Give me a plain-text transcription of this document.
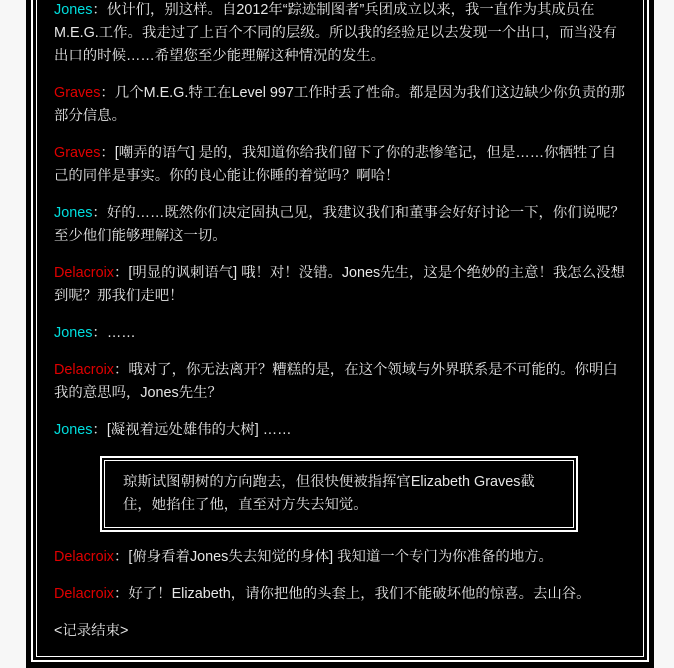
Jones：伙计们，别这样。自2012年“踪迹制图者”兵团成立以来，我一直作为其成员在M.E.G.工作。我走过了上百个不同的层级。所以我的经验足以去发现一个出口，而当没有出口的时候……希望您至少能理解这种情况的发生。

Graves：几个M.E.G.特工在Level 997工作时丢了性命。都是因为我们这边缺少你负责的那部分信息。

Graves：[嘲弄的语气] 是的，我知道你给我们留下了你的悲惨笔记，但是……你牺牲了自己的同伴是事实。你的良心能让你睡的着觉吗？啊哈！

Jones：好的……既然你们决定固执己见，我建议我们和董事会好好讨论一下，你们说呢？至少他们能够理解这一切。

Delacroix：[明显的讽刺语气] 哦！对！没错。Jones先生，这是个绝妙的主意！我怎么没想到呢？那我们走吧！

Jones：……

Delacroix：哦对了，你无法离开？糟糕的是，在这个领域与外界联系是不可能的。你明白我的意思吗，Jones先生？

Jones：[凝视着远处雄伟的大树] ……

琼斯试图朝树的方向跑去，但很快便被指挥官Elizabeth Graves截住，她掐住了他，直至对方失去知觉。

Delacroix：[俯身看着Jones失去知觉的身体] 我知道一个专门为你准备的地方。

Delacroix：好了！Elizabeth，请你把他的头套上，我们不能破坏他的惊喜。去山谷。

<记录结束>
